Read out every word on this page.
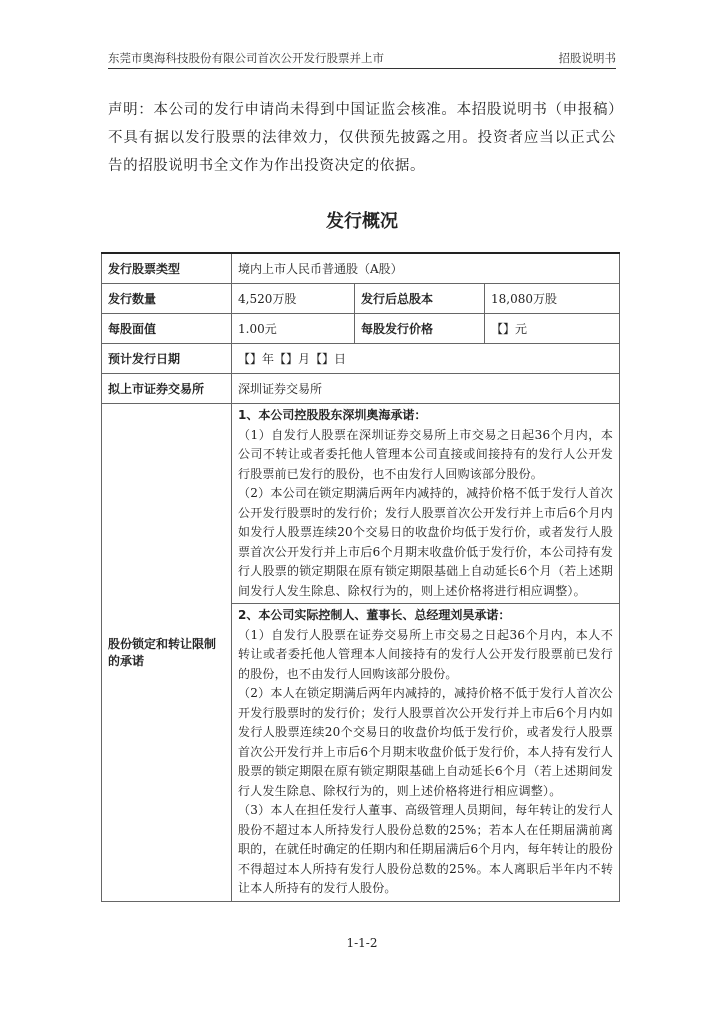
东莞市奥海科技股份有限公司首次公开发行股票并上市	招股说明书
声明：本公司的发行申请尚未得到中国证监会核准。本招股说明书（申报稿）不具有据以发行股票的法律效力，仅供预先披露之用。投资者应当以正式公告的招股说明书全文作为作出投资决定的依据。
发行概况
发行股票类型	境内上市人民币普通股（A股）		
发行数量	4,520万股	发行后总股本	18,080万股
每股面值	1.00元	每股发行价格	【】元
预计发行日期	【】年【】月【】日		
拟上市证券交易所	深圳证券交易所		
股份锁定和转让限制的承诺	1、本公司控股股东深圳奥海承诺：
（1）自发行人股票在深圳证券交易所上市交易之日起36个月内，本公司不转让或者委托他人管理本公司直接或间接持有的发行人公开发行股票前已发行的股份，也不由发行人回购该部分股份。
（2）本公司在锁定期满后两年内减持的，减持价格不低于发行人首次公开发行股票时的发行价；发行人股票首次公开发行并上市后6个月内如发行人股票连续20个交易日的收盘价均低于发行价，或者发行人股票首次公开发行并上市后6个月期末收盘价低于发行价，本公司持有发行人股票的锁定期限在原有锁定期限基础上自动延长6个月（若上述期间发行人发生除息、除权行为的，则上述价格将进行相应调整）。		

	2、本公司实际控制人、董事长、总经理刘昊承诺：
（1）自发行人股票在证券交易所上市交易之日起36个月内，本人不转让或者委托他人管理本人间接持有的发行人公开发行股票前已发行的股份，也不由发行人回购该部分股份。
（2）本人在锁定期满后两年内减持的，减持价格不低于发行人首次公开发行股票时的发行价；发行人股票首次公开发行并上市后6个月内如发行人股票连续20个交易日的收盘价均低于发行价，或者发行人股票首次公开发行并上市后6个月期末收盘价低于发行价，本人持有发行人股票的锁定期限在原有锁定期限基础上自动延长6个月（若上述期间发行人发生除息、除权行为的，则上述价格将进行相应调整）。
（3）本人在担任发行人董事、高级管理人员期间，每年转让的发行人股份不超过本人所持发行人股份总数的25%；若本人在任期届满前离职的，在就任时确定的任期内和任期届满后6个月内，每年转让的股份不得超过本人所持有发行人股份总数的25%。本人离职后半年内不转让本人所持有的发行人股份。		
1-1-2
